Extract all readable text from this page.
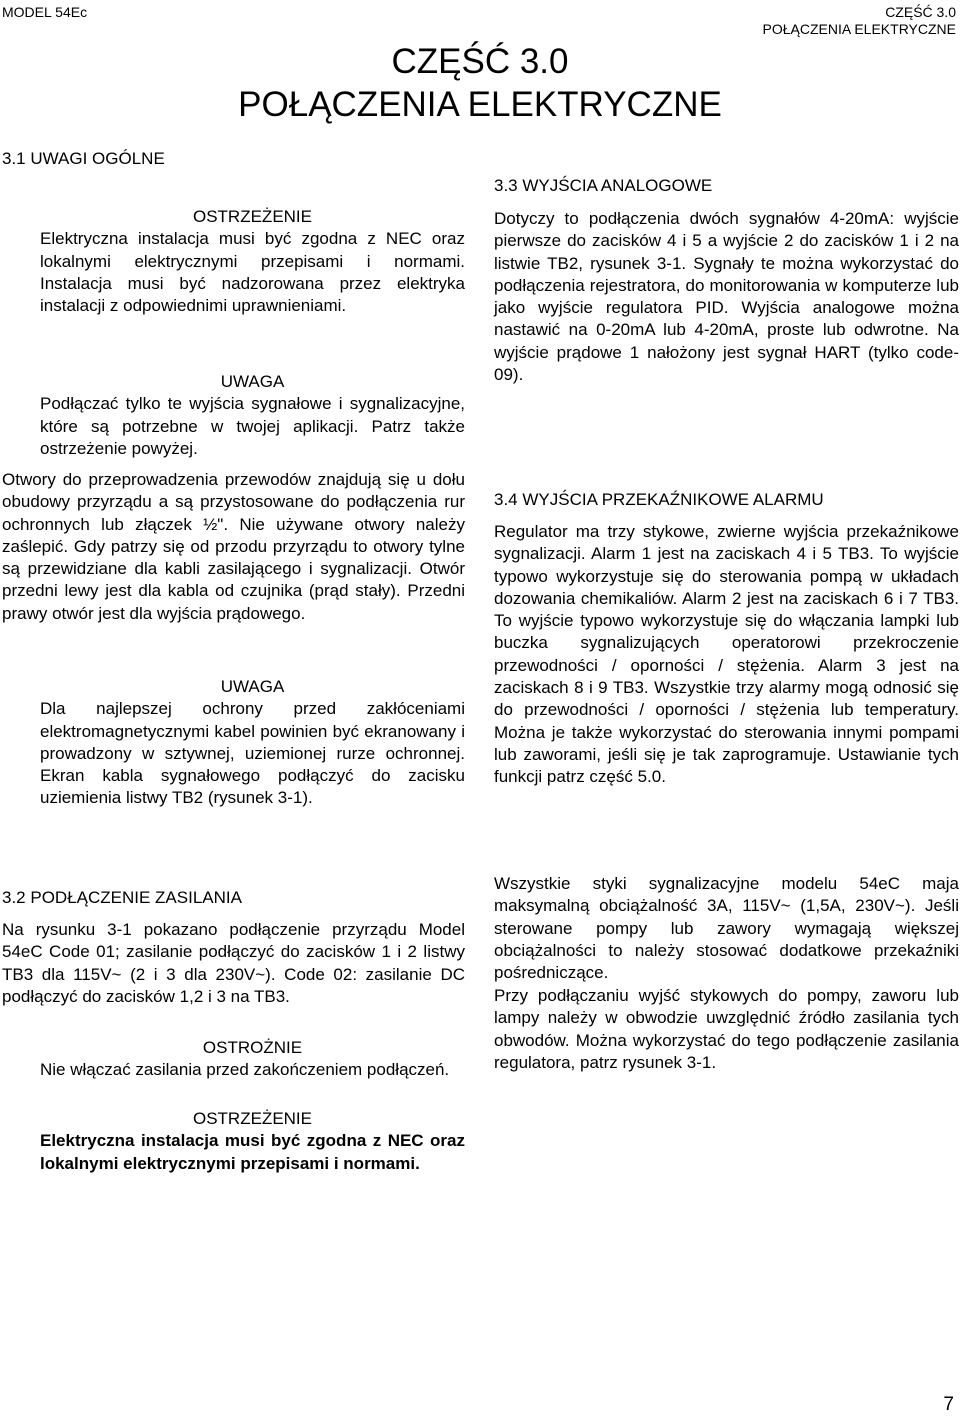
MODEL 54Ec	CZĘŚĆ 3.0
POŁĄCZENIA ELEKTRYCZNE
CZĘŚĆ 3.0
POŁĄCZENIA ELEKTRYCZNE
3.1 UWAGI OGÓLNE
OSTRZEŻENIE

Elektryczna instalacja musi być zgodna z NEC oraz lokalnymi elektrycznymi przepisami i normami. Instalacja musi być nadzorowana przez elektryka instalacji z odpowiednimi uprawnieniami.

UWAGA

Podłączać tylko te wyjścia sygnałowe i sygnalizacyjne, które są potrzebne w twojej aplikacji. Patrz także ostrzeżenie powyżej.

Otwory do przeprowadzenia przewodów znajdują się u dołu obudowy przyrządu a są przystosowane do podłączenia rur ochronnych lub złączek ½". Nie używane otwory należy zaślepić. Gdy patrzy się od przodu przyrządu to otwory tylne są przewidziane dla kabli zasilającego i sygnalizacji. Otwór przedni lewy jest dla kabla od czujnika (prąd stały). Przedni prawy otwór jest dla wyjścia prądowego.

UWAGA

Dla najlepszej ochrony przed zakłóceniami elektromagnetycznymi kabel powinien być ekranowany i prowadzony w sztywnej, uziemionej rurze ochronnej. Ekran kabla sygnałowego podłączyć do zacisku uziemienia listwy TB2 (rysunek 3-1).

3.2 PODŁĄCZENIE ZASILANIA

Na rysunku 3-1 pokazano podłączenie przyrządu Model 54eC Code 01; zasilanie podłączyć do zacisków 1 i 2 listwy TB3 dla 115V~ (2 i 3 dla 230V~). Code 02: zasilanie DC podłączyć do zacisków 1,2 i 3 na TB3.

OSTROŻNIE

Nie włączać zasilania przed zakończeniem podłączeń.

OSTRZEŻENIE

Elektryczna instalacja musi być zgodna z NEC oraz lokalnymi elektrycznymi przepisami i normami.

3.3 WYJŚCIA ANALOGOWE

Dotyczy to podłączenia dwóch sygnałów 4-20mA: wyjście pierwsze do zacisków 4 i 5 a wyjście 2 do zacisków 1 i 2 na listwie TB2, rysunek 3-1. Sygnały te można wykorzystać do podłączenia rejestratora, do monitorowania w komputerze lub jako wyjście regulatora PID. Wyjścia analogowe można nastawić na 0-20mA lub 4-20mA, proste lub odwrotne. Na wyjście prądowe 1 nałożony jest sygnał HART (tylko code-09).

3.4 WYJŚCIA PRZEKAŹNIKOWE ALARMU

Regulator ma trzy stykowe, zwierne wyjścia przekaźnikowe sygnalizacji. Alarm 1 jest na zaciskach 4 i 5 TB3. To wyjście typowo wykorzystuje się do sterowania pompą w układach dozowania chemikaliów. Alarm 2 jest na zaciskach 6 i 7 TB3. To wyjście typowo wykorzystuje się do włączania lampki lub buczka sygnalizujących operatorowi przekroczenie przewodności / oporności / stężenia. Alarm 3 jest na zaciskach 8 i 9 TB3. Wszystkie trzy alarmy mogą odnosić się do przewodności / oporności / stężenia lub temperatury. Można je także wykorzystać do sterowania innymi pompami lub zaworami, jeśli się je tak zaprogramuje. Ustawianie tych funkcji patrz część 5.0.

Wszystkie styki sygnalizacyjne modelu 54eC maja maksymalną obciążalność 3A, 115V~ (1,5A, 230V~). Jeśli sterowane pompy lub zawory wymagają większej obciążalności to należy stosować dodatkowe przekaźniki pośredniczące.

Przy podłączaniu wyjść stykowych do pompy, zaworu lub lampy należy w obwodzie uwzględnić źródło zasilania tych obwodów. Można wykorzystać do tego podłączenie zasilania regulatora, patrz rysunek 3-1.

7
